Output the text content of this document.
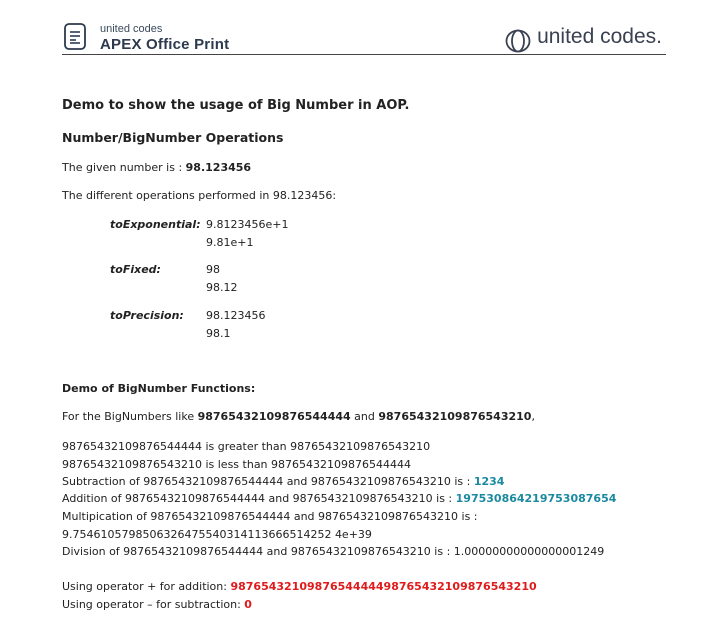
united codes
APEX Office Print	united codes.
Demo to show the usage of Big Number in AOP.
Number/BigNumber Operations
The given number is : 98.123456
The different operations performed in 98.123456:
toExponential: 9.8123456e+1
9.81e+1
toFixed:	98
98.12
toPrecision: 98.123456
98.1
Demo of BigNumber Functions:
For the BigNumbers like 98765432109876544444 and 98765432109876543210,
98765432109876544444 is greater than 98765432109876543210
98765432109876543210 is less than 98765432109876544444
Subtraction of 98765432109876544444 and 98765432109876543210 is : 1234
Addition of 98765432109876544444 and 98765432109876543210 is : 197530864219753087654
Multipication of 98765432109876544444 and 98765432109876543210 is :
9.7546105798506326475540314113666514252 4e+39
Division of 98765432109876544444 and 98765432109876543210 is : 1.00000000000000001249
Using operator + for addition: 9876543210987654444498765432109876543210
Using operator – for subtraction: 0
